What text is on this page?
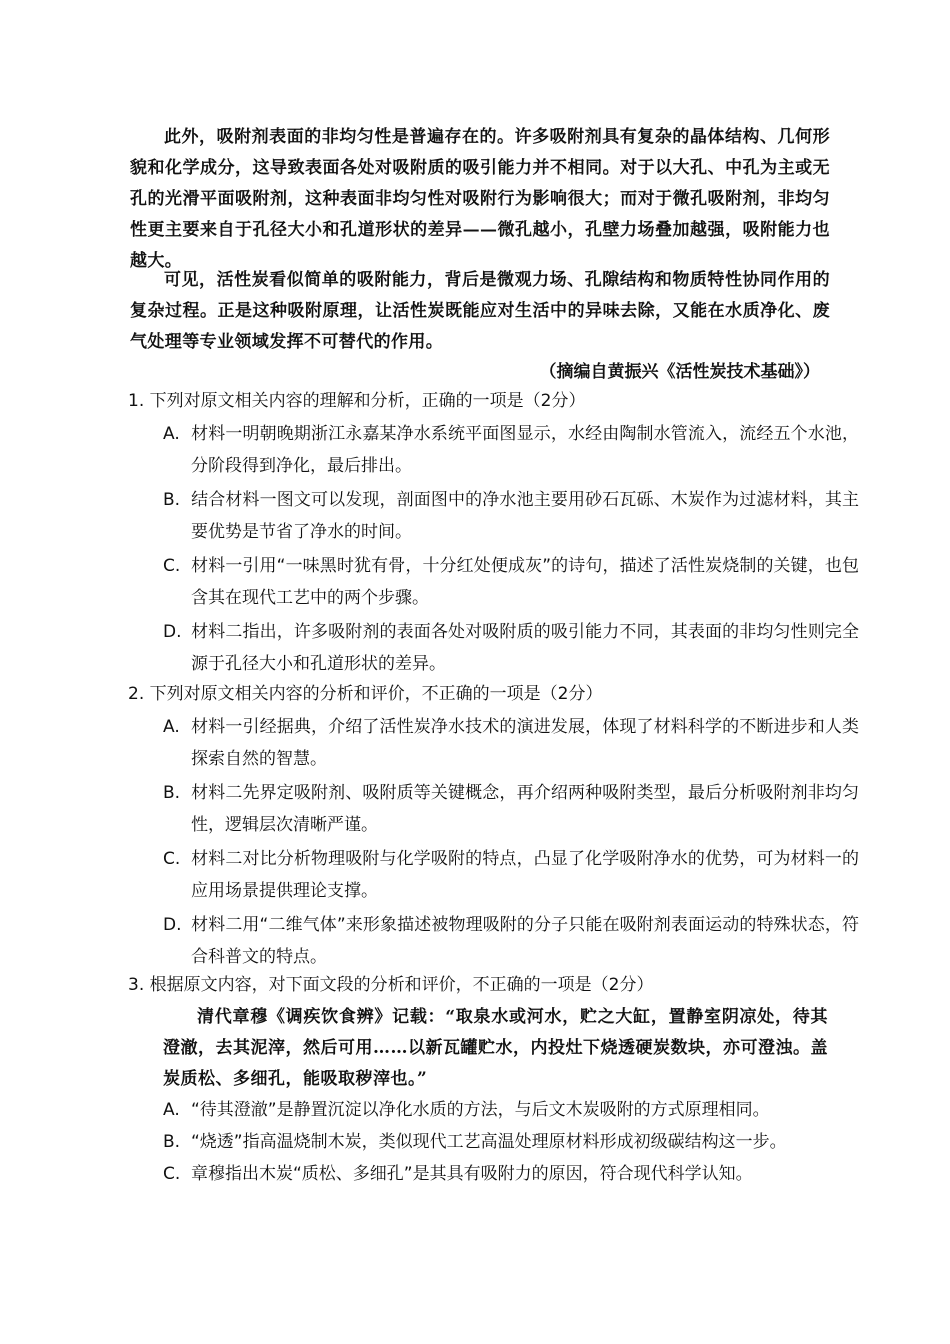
此外，吸附剂表面的非均匀性是普遍存在的。许多吸附剂具有复杂的晶体结构、几何形貌和化学成分，这导致表面各处对吸附质的吸引能力并不相同。对于以大孔、中孔为主或无孔的光滑平面吸附剂，这种表面非均匀性对吸附行为影响很大；而对于微孔吸附剂，非均匀性更主要来自于孔径大小和孔道形状的差异——微孔越小，孔壁力场叠加越强，吸附能力也越大。

可见，活性炭看似简单的吸附能力，背后是微观力场、孔隙结构和物质特性协同作用的复杂过程。正是这种吸附原理，让活性炭既能应对生活中的异味去除，又能在水质净化、废气处理等专业领域发挥不可替代的作用。

（摘编自黄振兴《活性炭技术基础》）

1. 下列对原文相关内容的理解和分析，正确的一项是（2分）

A. 材料一明朝晚期浙江永嘉某净水系统平面图显示，水经由陶制水管流入，流经五个水池，分阶段得到净化，最后排出。

B. 结合材料一图文可以发现，剖面图中的净水池主要用砂石瓦砾、木炭作为过滤材料，其主要优势是节省了净水的时间。

C. 材料一引用“一味黑时犹有骨，十分红处便成灰”的诗句，描述了活性炭烧制的关键，也包含其在现代工艺中的两个步骤。

D. 材料二指出，许多吸附剂的表面各处对吸附质的吸引能力不同，其表面的非均匀性则完全源于孔径大小和孔道形状的差异。

2. 下列对原文相关内容的分析和评价，不正确的一项是（2分）

A. 材料一引经据典，介绍了活性炭净水技术的演进发展，体现了材料科学的不断进步和人类探索自然的智慧。

B. 材料二先界定吸附剂、吸附质等关键概念，再介绍两种吸附类型，最后分析吸附剂非均匀性，逻辑层次清晰严谨。

C. 材料二对比分析物理吸附与化学吸附的特点，凸显了化学吸附净水的优势，可为材料一的应用场景提供理论支撑。

D. 材料二用“二维气体”来形象描述被物理吸附的分子只能在吸附剂表面运动的特殊状态，符合科普文的特点。

3. 根据原文内容，对下面文段的分析和评价，不正确的一项是（2分）

清代章穆《调疾饮食辨》记载：“取泉水或河水，贮之大缸，置静室阴凉处，待其澄澈，去其泥滓，然后可用……以新瓦罐贮水，内投灶下烧透硬炭数块，亦可澄浊。盖炭质松、多细孔，能吸取秽滓也。”

A. “待其澄澈”是静置沉淀以净化水质的方法，与后文木炭吸附的方式原理相同。

B. “烧透”指高温烧制木炭，类似现代工艺高温处理原材料形成初级碳结构这一步。

C. 章穆指出木炭“质松、多细孔”是其具有吸附力的原因，符合现代科学认知。
